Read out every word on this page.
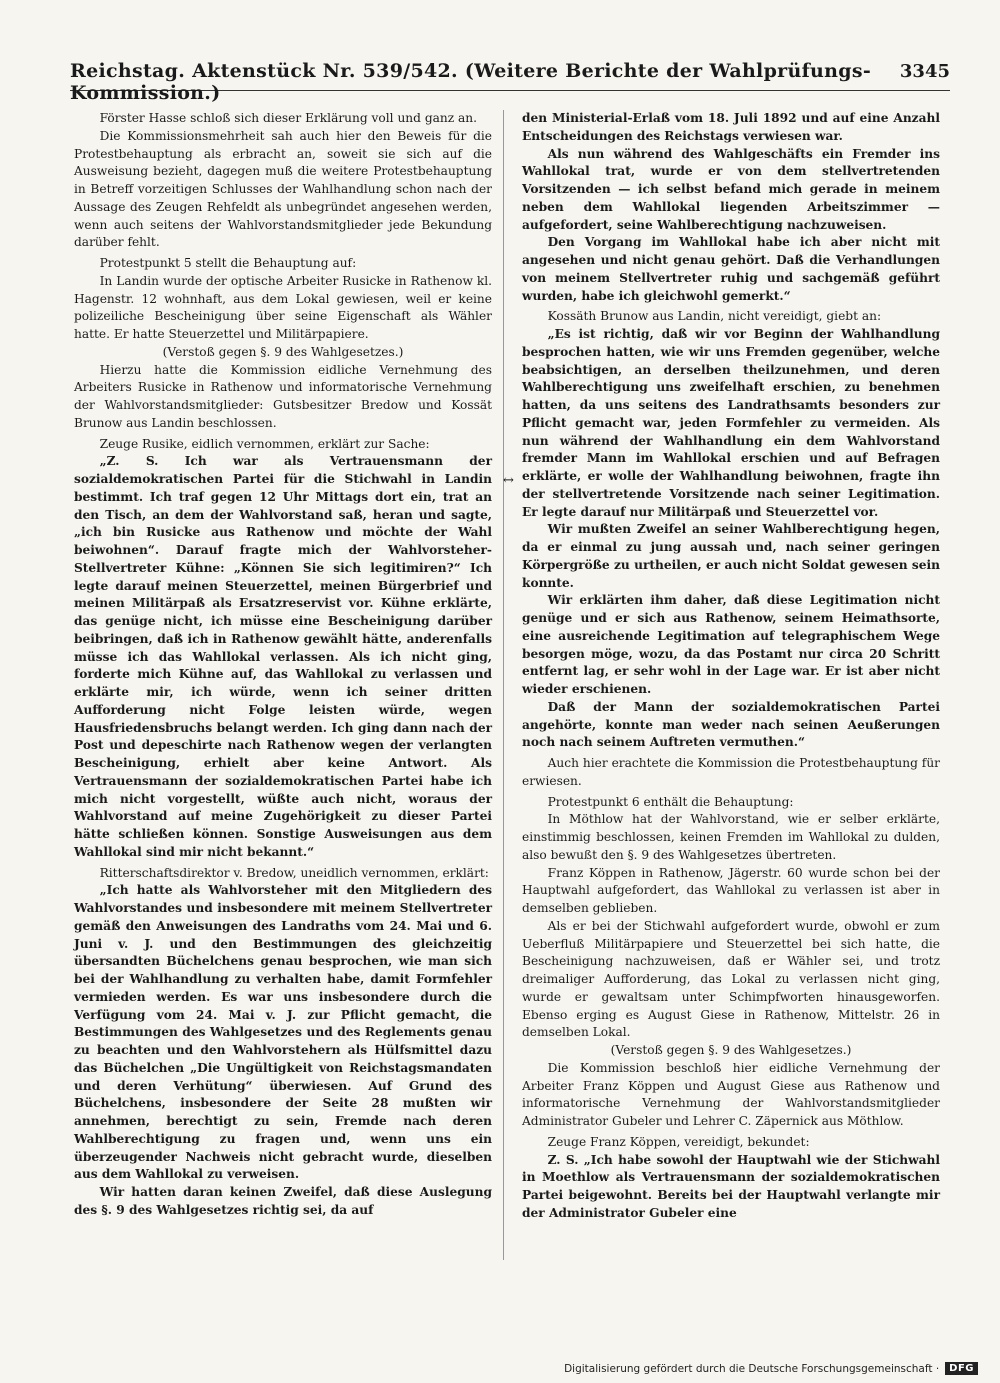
Reichstag. Aktenstück Nr. 539/542. (Weitere Berichte der Wahlprüfungs-Kommission.)
3345

Förster Hasse schloß sich dieser Erklärung voll und ganz an.

Die Kommissionsmehrheit sah auch hier den Beweis für die Protestbehauptung als erbracht an, soweit sie sich auf die Ausweisung bezieht, dagegen muß die weitere Protestbehauptung in Betreff vorzeitigen Schlusses der Wahlhandlung schon nach der Aussage des Zeugen Rehfeldt als unbegründet angesehen werden, wenn auch seitens der Wahlvorstandsmitglieder jede Bekundung darüber fehlt.

Protestpunkt 5 stellt die Behauptung auf:

In Landin wurde der optische Arbeiter Rusicke in Rathenow kl. Hagenstr. 12 wohnhaft, aus dem Lokal gewiesen, weil er keine polizeiliche Bescheinigung über seine Eigenschaft als Wähler hatte. Er hatte Steuerzettel und Militärpapiere.

(Verstoß gegen §. 9 des Wahlgesetzes.)

Hierzu hatte die Kommission eidliche Vernehmung des Arbeiters Rusicke in Rathenow und informatorische Vernehmung der Wahlvorstandsmitglieder: Gutsbesitzer Bredow und Kossät Brunow aus Landin beschlossen.

Zeuge Rusike, eidlich vernommen, erklärt zur Sache:

„Z. S. Ich war als Vertrauensmann der sozialdemokratischen Partei für die Stichwahl in Landin bestimmt. Ich traf gegen 12 Uhr Mittags dort ein, trat an den Tisch, an dem der Wahlvorstand saß, heran und sagte, „ich bin Rusicke aus Rathenow und möchte der Wahl beiwohnen“. Darauf fragte mich der Wahlvorsteher-Stellvertreter Kühne: „Können Sie sich legitimiren?“ Ich legte darauf meinen Steuerzettel, meinen Bürgerbrief und meinen Militärpaß als Ersatzreservist vor. Kühne erklärte, das genüge nicht, ich müsse eine Bescheinigung darüber beibringen, daß ich in Rathenow gewählt hätte, anderenfalls müsse ich das Wahllokal verlassen. Als ich nicht ging, forderte mich Kühne auf, das Wahllokal zu verlassen und erklärte mir, ich würde, wenn ich seiner dritten Aufforderung nicht Folge leisten würde, wegen Hausfriedensbruchs belangt werden. Ich ging dann nach der Post und depeschirte nach Rathenow wegen der verlangten Bescheinigung, erhielt aber keine Antwort. Als Vertrauensmann der sozialdemokratischen Partei habe ich mich nicht vorgestellt, wüßte auch nicht, woraus der Wahlvorstand auf meine Zugehörigkeit zu dieser Partei hätte schließen können. Sonstige Ausweisungen aus dem Wahllokal sind mir nicht bekannt.“

Ritterschaftsdirektor v. Bredow, uneidlich vernommen, erklärt:

„Ich hatte als Wahlvorsteher mit den Mitgliedern des Wahlvorstandes und insbesondere mit meinem Stellvertreter gemäß den Anweisungen des Landraths vom 24. Mai und 6. Juni v. J. und den Bestimmungen des gleichzeitig übersandten Büchelchens genau besprochen, wie man sich bei der Wahlhandlung zu verhalten habe, damit Formfehler vermieden werden. Es war uns insbesondere durch die Verfügung vom 24. Mai v. J. zur Pflicht gemacht, die Bestimmungen des Wahlgesetzes und des Reglements genau zu beachten und den Wahlvorstehern als Hülfsmittel dazu das Büchelchen „Die Ungültigkeit von Reichstagsmandaten und deren Verhütung“ überwiesen. Auf Grund des Büchelchens, insbesondere der Seite 28 mußten wir annehmen, berechtigt zu sein, Fremde nach deren Wahlberechtigung zu fragen und, wenn uns ein überzeugender Nachweis nicht gebracht wurde, dieselben aus dem Wahllokal zu verweisen.

Wir hatten daran keinen Zweifel, daß diese Auslegung des §. 9 des Wahlgesetzes richtig sei, da auf

↔

den Ministerial-Erlaß vom 18. Juli 1892 und auf eine Anzahl Entscheidungen des Reichstags verwiesen war.

Als nun während des Wahlgeschäfts ein Fremder ins Wahllokal trat, wurde er von dem stellvertretenden Vorsitzenden — ich selbst befand mich gerade in meinem neben dem Wahllokal liegenden Arbeitszimmer — aufgefordert, seine Wahlberechtigung nachzuweisen.

Den Vorgang im Wahllokal habe ich aber nicht mit angesehen und nicht genau gehört. Daß die Verhandlungen von meinem Stellvertreter ruhig und sachgemäß geführt wurden, habe ich gleichwohl gemerkt.“

Kossäth Brunow aus Landin, nicht vereidigt, giebt an:

„Es ist richtig, daß wir vor Beginn der Wahlhandlung besprochen hatten, wie wir uns Fremden gegenüber, welche beabsichtigen, an derselben theilzunehmen, und deren Wahlberechtigung uns zweifelhaft erschien, zu benehmen hatten, da uns seitens des Landrathsamts besonders zur Pflicht gemacht war, jeden Formfehler zu vermeiden. Als nun während der Wahlhandlung ein dem Wahlvorstand fremder Mann im Wahllokal erschien und auf Befragen erklärte, er wolle der Wahlhandlung beiwohnen, fragte ihn der stellvertretende Vorsitzende nach seiner Legitimation. Er legte darauf nur Militärpaß und Steuerzettel vor.

Wir mußten Zweifel an seiner Wahlberechtigung hegen, da er einmal zu jung aussah und, nach seiner geringen Körpergröße zu urtheilen, er auch nicht Soldat gewesen sein konnte.

Wir erklärten ihm daher, daß diese Legitimation nicht genüge und er sich aus Rathenow, seinem Heimathsorte, eine ausreichende Legitimation auf telegraphischem Wege besorgen möge, wozu, da das Postamt nur circa 20 Schritt entfernt lag, er sehr wohl in der Lage war. Er ist aber nicht wieder erschienen.

Daß der Mann der sozialdemokratischen Partei angehörte, konnte man weder nach seinen Aeußerungen noch nach seinem Auftreten vermuthen.“

Auch hier erachtete die Kommission die Protestbehauptung für erwiesen.

Protestpunkt 6 enthält die Behauptung:

In Möthlow hat der Wahlvorstand, wie er selber erklärte, einstimmig beschlossen, keinen Fremden im Wahllokal zu dulden, also bewußt den §. 9 des Wahlgesetzes übertreten.

Franz Köppen in Rathenow, Jägerstr. 60 wurde schon bei der Hauptwahl aufgefordert, das Wahllokal zu verlassen ist aber in demselben geblieben.

Als er bei der Stichwahl aufgefordert wurde, obwohl er zum Ueberfluß Militärpapiere und Steuerzettel bei sich hatte, die Bescheinigung nachzuweisen, daß er Wähler sei, und trotz dreimaliger Aufforderung, das Lokal zu verlassen nicht ging, wurde er gewaltsam unter Schimpfworten hinausgeworfen. Ebenso erging es August Giese in Rathenow, Mittelstr. 26 in demselben Lokal.

(Verstoß gegen §. 9 des Wahlgesetzes.)

Die Kommission beschloß hier eidliche Vernehmung der Arbeiter Franz Köppen und August Giese aus Rathenow und informatorische Vernehmung der Wahlvorstandsmitglieder Administrator Gubeler und Lehrer C. Zäpernick aus Möthlow.

Zeuge Franz Köppen, vereidigt, bekundet:

Z. S. „Ich habe sowohl der Hauptwahl wie der Stichwahl in Moethlow als Vertrauensmann der sozialdemokratischen Partei beigewohnt. Bereits bei der Hauptwahl verlangte mir der Administrator Gubeler eine

Digitalisierung gefördert durch die Deutsche Forschungsgemeinschaft ·	DFG
